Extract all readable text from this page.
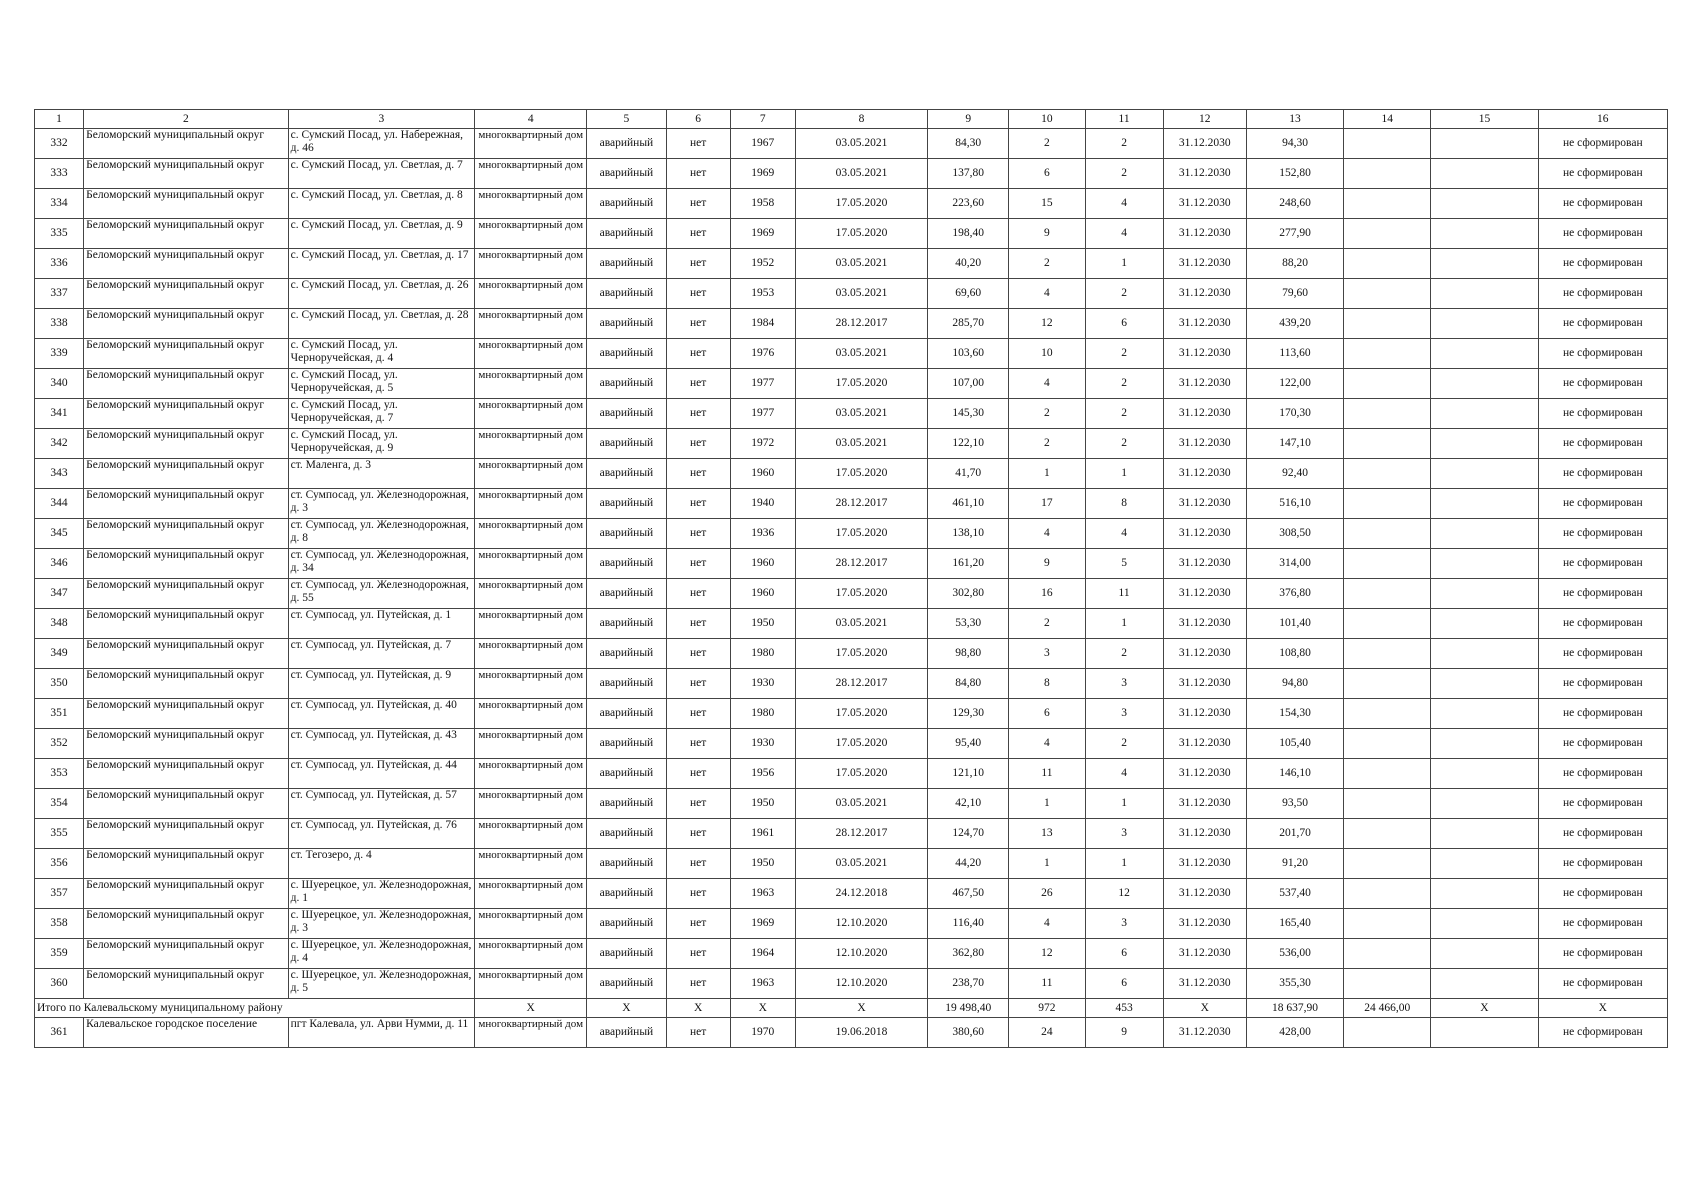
1	2	3	4	5	6	7	8	9	10	11	12	13	14	15	16
332	Беломорский муниципальный округ	с. Сумский Посад, ул. Набережная, д. 46	многоквартирный дом	аварийный	нет	1967	03.05.2021	84,30	2	2	31.12.2030	94,30			не сформирован
333	Беломорский муниципальный округ	с. Сумский Посад, ул. Светлая, д. 7	многоквартирный дом	аварийный	нет	1969	03.05.2021	137,80	6	2	31.12.2030	152,80			не сформирован
334	Беломорский муниципальный округ	с. Сумский Посад, ул. Светлая, д. 8	многоквартирный дом	аварийный	нет	1958	17.05.2020	223,60	15	4	31.12.2030	248,60			не сформирован
335	Беломорский муниципальный округ	с. Сумский Посад, ул. Светлая, д. 9	многоквартирный дом	аварийный	нет	1969	17.05.2020	198,40	9	4	31.12.2030	277,90			не сформирован
336	Беломорский муниципальный округ	с. Сумский Посад, ул. Светлая, д. 17	многоквартирный дом	аварийный	нет	1952	03.05.2021	40,20	2	1	31.12.2030	88,20			не сформирован
337	Беломорский муниципальный округ	с. Сумский Посад, ул. Светлая, д. 26	многоквартирный дом	аварийный	нет	1953	03.05.2021	69,60	4	2	31.12.2030	79,60			не сформирован
338	Беломорский муниципальный округ	с. Сумский Посад, ул. Светлая, д. 28	многоквартирный дом	аварийный	нет	1984	28.12.2017	285,70	12	6	31.12.2030	439,20			не сформирован
339	Беломорский муниципальный округ	с. Сумский Посад, ул. Черноручейская, д. 4	многоквартирный дом	аварийный	нет	1976	03.05.2021	103,60	10	2	31.12.2030	113,60			не сформирован
340	Беломорский муниципальный округ	с. Сумский Посад, ул. Черноручейская, д. 5	многоквартирный дом	аварийный	нет	1977	17.05.2020	107,00	4	2	31.12.2030	122,00			не сформирован
341	Беломорский муниципальный округ	с. Сумский Посад, ул. Черноручейская, д. 7	многоквартирный дом	аварийный	нет	1977	03.05.2021	145,30	2	2	31.12.2030	170,30			не сформирован
342	Беломорский муниципальный округ	с. Сумский Посад, ул. Черноручейская, д. 9	многоквартирный дом	аварийный	нет	1972	03.05.2021	122,10	2	2	31.12.2030	147,10			не сформирован
343	Беломорский муниципальный округ	ст. Маленга, д. 3	многоквартирный дом	аварийный	нет	1960	17.05.2020	41,70	1	1	31.12.2030	92,40			не сформирован
344	Беломорский муниципальный округ	ст. Сумпосад, ул. Железнодорожная, д. 3	многоквартирный дом	аварийный	нет	1940	28.12.2017	461,10	17	8	31.12.2030	516,10			не сформирован
345	Беломорский муниципальный округ	ст. Сумпосад, ул. Железнодорожная, д. 8	многоквартирный дом	аварийный	нет	1936	17.05.2020	138,10	4	4	31.12.2030	308,50			не сформирован
346	Беломорский муниципальный округ	ст. Сумпосад, ул. Железнодорожная, д. 34	многоквартирный дом	аварийный	нет	1960	28.12.2017	161,20	9	5	31.12.2030	314,00			не сформирован
347	Беломорский муниципальный округ	ст. Сумпосад, ул. Железнодорожная, д. 55	многоквартирный дом	аварийный	нет	1960	17.05.2020	302,80	16	11	31.12.2030	376,80			не сформирован
348	Беломорский муниципальный округ	ст. Сумпосад, ул. Путейская, д. 1	многоквартирный дом	аварийный	нет	1950	03.05.2021	53,30	2	1	31.12.2030	101,40			не сформирован
349	Беломорский муниципальный округ	ст. Сумпосад, ул. Путейская, д. 7	многоквартирный дом	аварийный	нет	1980	17.05.2020	98,80	3	2	31.12.2030	108,80			не сформирован
350	Беломорский муниципальный округ	ст. Сумпосад, ул. Путейская, д. 9	многоквартирный дом	аварийный	нет	1930	28.12.2017	84,80	8	3	31.12.2030	94,80			не сформирован
351	Беломорский муниципальный округ	ст. Сумпосад, ул. Путейская, д. 40	многоквартирный дом	аварийный	нет	1980	17.05.2020	129,30	6	3	31.12.2030	154,30			не сформирован
352	Беломорский муниципальный округ	ст. Сумпосад, ул. Путейская, д. 43	многоквартирный дом	аварийный	нет	1930	17.05.2020	95,40	4	2	31.12.2030	105,40			не сформирован
353	Беломорский муниципальный округ	ст. Сумпосад, ул. Путейская, д. 44	многоквартирный дом	аварийный	нет	1956	17.05.2020	121,10	11	4	31.12.2030	146,10			не сформирован
354	Беломорский муниципальный округ	ст. Сумпосад, ул. Путейская, д. 57	многоквартирный дом	аварийный	нет	1950	03.05.2021	42,10	1	1	31.12.2030	93,50			не сформирован
355	Беломорский муниципальный округ	ст. Сумпосад, ул. Путейская, д. 76	многоквартирный дом	аварийный	нет	1961	28.12.2017	124,70	13	3	31.12.2030	201,70			не сформирован
356	Беломорский муниципальный округ	ст. Тегозеро, д. 4	многоквартирный дом	аварийный	нет	1950	03.05.2021	44,20	1	1	31.12.2030	91,20			не сформирован
357	Беломорский муниципальный округ	с. Шуерецкое, ул. Железнодорожная, д. 1	многоквартирный дом	аварийный	нет	1963	24.12.2018	467,50	26	12	31.12.2030	537,40			не сформирован
358	Беломорский муниципальный округ	с. Шуерецкое, ул. Железнодорожная, д. 3	многоквартирный дом	аварийный	нет	1969	12.10.2020	116,40	4	3	31.12.2030	165,40			не сформирован
359	Беломорский муниципальный округ	с. Шуерецкое, ул. Железнодорожная, д. 4	многоквартирный дом	аварийный	нет	1964	12.10.2020	362,80	12	6	31.12.2030	536,00			не сформирован
360	Беломорский муниципальный округ	с. Шуерецкое, ул. Железнодорожная, д. 5	многоквартирный дом	аварийный	нет	1963	12.10.2020	238,70	11	6	31.12.2030	355,30			не сформирован
Итого по Калевальскому муниципальному району			X	X	X	X	X	19 498,40	972	453	X	18 637,90	24 466,00	X	X
361	Калевальское городское поселение	пгт Калевала, ул. Арви Нумми, д. 11	многоквартирный дом	аварийный	нет	1970	19.06.2018	380,60	24	9	31.12.2030	428,00			не сформирован
